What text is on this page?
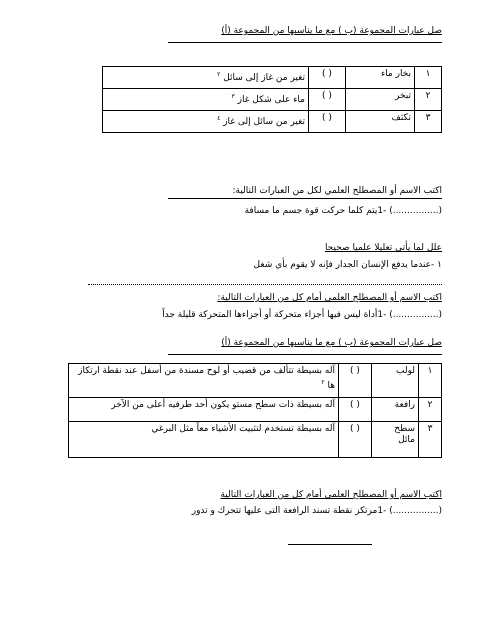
صل عبارات المجموعة (ب ) مع ما يناسبها من المجموعة (أ)
١	بخار ماء	( )	تغير من غاز إلى سائل $^٢$
٢	تبخر	( )	ماء على شكل غاز $^٣$
٣	تكثف	( )	تغير من سائل إلى غاز $^٤$
اكتب الاسم أو المصطلح العلمي لكل من العبارات التالية:
(................) -1يتم كلما حركت قوة جسم ما مسافة
علل لما يأتي تعليلا علميا صحيحا
١ -عندما يدفع الإنسان الجدار فإنه لا يقوم بأي شغل
اكتب الاسم أو المصطلح العلمي أمام كل من العبارات التالية:
(................) -1أداة ليس فيها أجزاء متحركة أو أجزاءها المتحركة قليلة جداً
صل عبارات المجموعة (ب ) مع ما يناسبها من المجموعة (أ)
١	لولب	( )	آله بسيطة تتألف من قضيب أو لوح مسندة من أسفل عند نقطة ارتكاز ها $^٢$
٢	رافعة	( )	آله بسيطة ذات سطح مستو يكون أحد طرفيه أعلى من الآخر
٣	سطح مائل	( )	آله بسيطة تستخدم لتثبيت الأشياء معاً مثل البرغي
اكتب الاسم أو المصطلح العلمي أمام كل من العبارات التالية
(................) -1مرتكز نقطة تسند الرافعة التى عليها تتحرك و تدور
